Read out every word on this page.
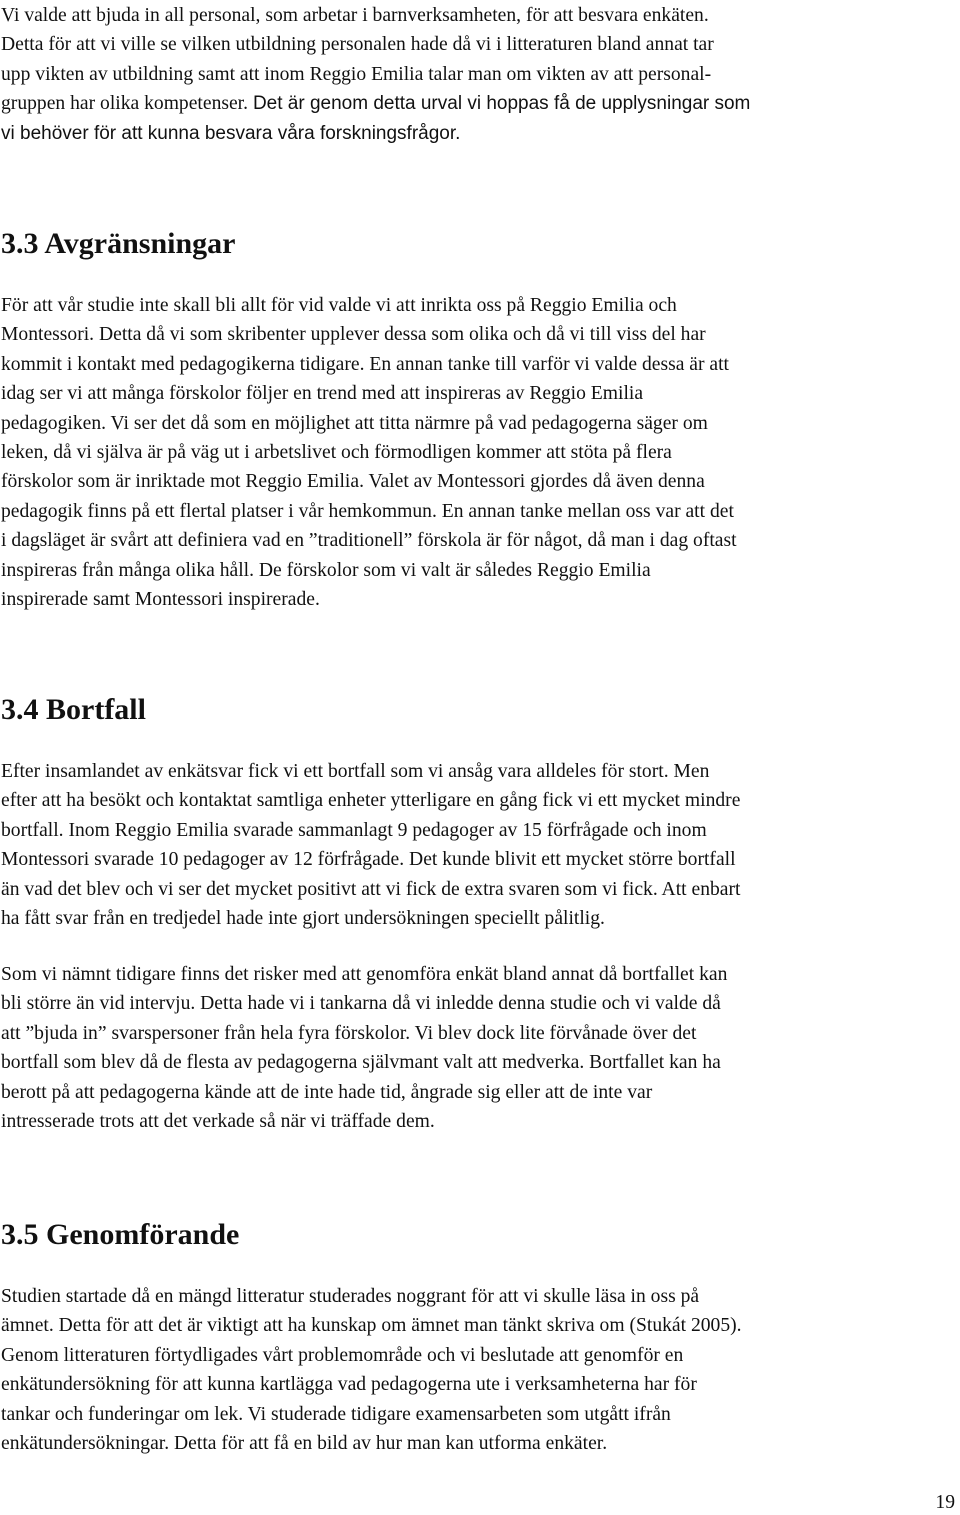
Vi valde att bjuda in all personal, som arbetar i barnverksamheten, för att besvara enkäten.
Detta för att vi ville se vilken utbildning personalen hade då vi i litteraturen bland annat tar
upp vikten av utbildning samt att inom Reggio Emilia talar man om vikten av att personal-
gruppen har olika kompetenser. Det är genom detta urval vi hoppas få de upplysningar som
vi behöver för att kunna besvara våra forskningsfrågor.
3.3 Avgränsningar
För att vår studie inte skall bli allt för vid valde vi att inrikta oss på Reggio Emilia och
Montessori. Detta då vi som skribenter upplever dessa som olika och då vi till viss del har
kommit i kontakt med pedagogikerna tidigare. En annan tanke till varför vi valde dessa är att
idag ser vi att många förskolor följer en trend med att inspireras av Reggio Emilia
pedagogiken. Vi ser det då som en möjlighet att titta närmre på vad pedagogerna säger om
leken, då vi själva är på väg ut i arbetslivet och förmodligen kommer att stöta på flera
förskolor som är inriktade mot Reggio Emilia. Valet av Montessori gjordes då även denna
pedagogik finns på ett flertal platser i vår hemkommun. En annan tanke mellan oss var att det
i dagsläget är svårt att definiera vad en ”traditionell” förskola är för något, då man i dag oftast
inspireras från många olika håll. De förskolor som vi valt är således Reggio Emilia
inspirerade samt Montessori inspirerade.
3.4 Bortfall
Efter insamlandet av enkätsvar fick vi ett bortfall som vi ansåg vara alldeles för stort. Men
efter att ha besökt och kontaktat samtliga enheter ytterligare en gång fick vi ett mycket mindre
bortfall. Inom Reggio Emilia svarade sammanlagt 9 pedagoger av 15 förfrågade och inom
Montessori svarade 10 pedagoger av 12 förfrågade. Det kunde blivit ett mycket större bortfall
än vad det blev och vi ser det mycket positivt att vi fick de extra svaren som vi fick. Att enbart
ha fått svar från en tredjedel hade inte gjort undersökningen speciellt pålitlig.
Som vi nämnt tidigare finns det risker med att genomföra enkät bland annat då bortfallet kan
bli större än vid intervju. Detta hade vi i tankarna då vi inledde denna studie och vi valde då
att ”bjuda in” svarspersoner från hela fyra förskolor. Vi blev dock lite förvånade över det
bortfall som blev då de flesta av pedagogerna självmant valt att medverka. Bortfallet kan ha
berott på att pedagogerna kände att de inte hade tid, ångrade sig eller att de inte var
intresserade trots att det verkade så när vi träffade dem.
3.5 Genomförande
Studien startade då en mängd litteratur studerades noggrant för att vi skulle läsa in oss på
ämnet. Detta för att det är viktigt att ha kunskap om ämnet man tänkt skriva om (Stukát 2005).
Genom litteraturen förtydligades vårt problemområde och vi beslutade att genomför en
enkätundersökning för att kunna kartlägga vad pedagogerna ute i verksamheterna har för
tankar och funderingar om lek. Vi studerade tidigare examensarbeten som utgått ifrån
enkätundersökningar. Detta för att få en bild av hur man kan utforma enkäter.
19
